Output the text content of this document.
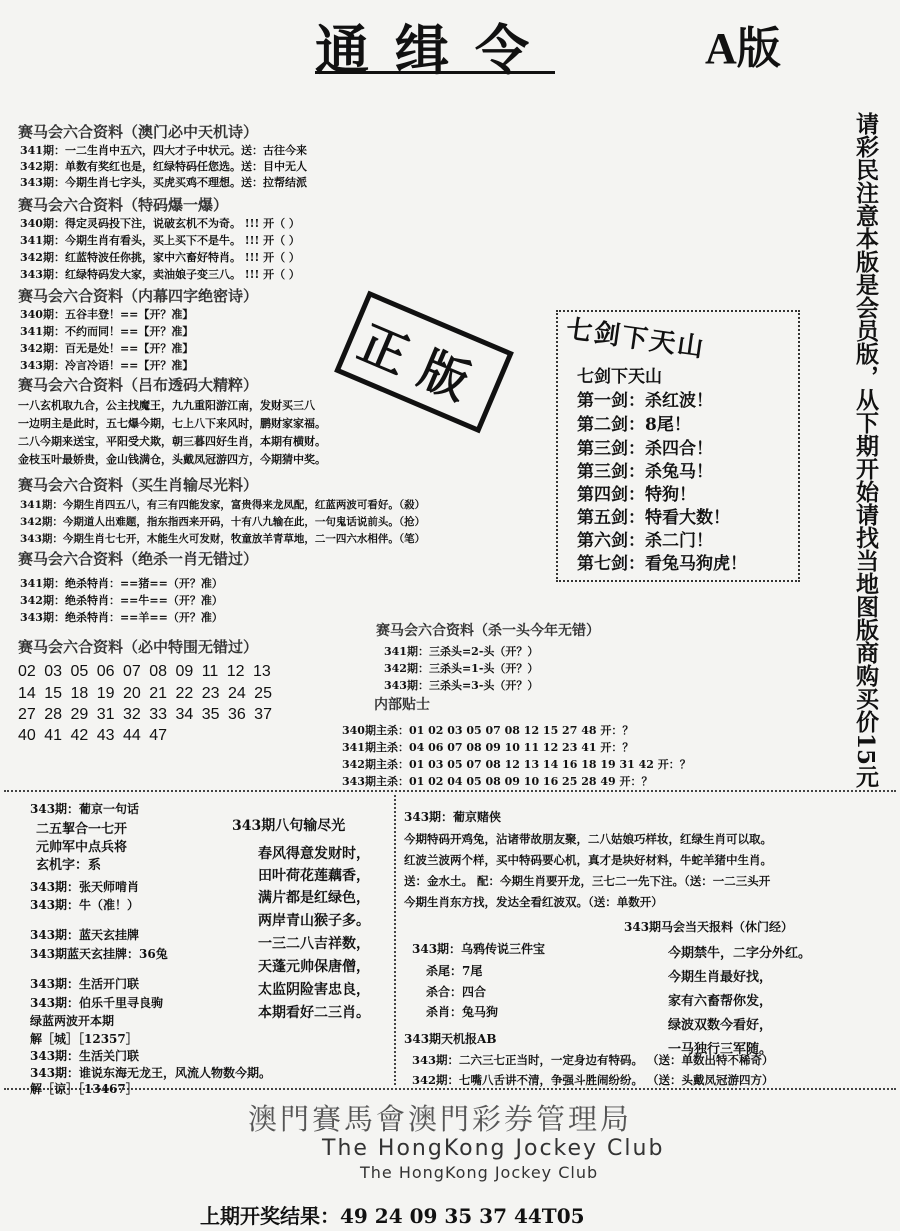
通缉令	A版
请彩民注意本版是会员版，从下期开始请找当地图版商购买价15元
赛马会六合资料（澳门必中天机诗）
341期：一二生肖中五六，四大才子中状元。送：古往今来
342期：单数有奖红也是，红绿特码任您选。送：目中无人
343期：今期生肖七字头，买虎买鸡不理想。送：拉帮结派
赛马会六合资料（特码爆一爆）
340期：得定灵码投下注，说破玄机不为奇。 !!! 开（ ）
341期：今期生肖有看头，买上买下不是牛。 !!! 开（ ）
342期：红蓝特波任你挑，家中六畜好特肖。 !!! 开（ ）
343期：红绿特码发大家，卖油娘子变三八。 !!! 开（ ）
赛马会六合资料（内幕四字绝密诗）
340期：五谷丰登！==【开？准】
341期：不约而同！==【开？准】
342期：百无是处！==【开？准】
343期：冷言冷语！==【开？准】	正版
赛马会六合资料（吕布透码大精粹）
一八玄机取九合，公主找魔王，九九重阳游江南，发财买三八
一边明主是此时，五七爆今期，七上八下来风时，鹏财家家福。
二八今期来送宝，平阳受犬欺，朝三暮四好生肖，本期有横财。
金枝玉叶最娇贵，金山钱满仓，头戴凤冠游四方，今期猜中奖。
赛马会六合资料（买生肖输尽光料）
341期：今期生肖四五八，有三有四能发家，富贵得来龙凤配，红蓝两波可看好。（殺）
342期：今期道人出难题，指东指西来开码，十有八九输在此，一句鬼话说前头。（抢）
343期：今期生肖七七开，木能生火可发财，牧童放羊青草地，二一四六水相伴。（笔）
赛马会六合资料（绝杀一肖无错过）
341期：绝杀特肖：==猪==（开？准）
342期：绝杀特肖：==牛==（开？准）
343期：绝杀特肖：==羊==（开？准）
赛马会六合资料（必中特围无错过）
02 03 05 06 07 08 09 11 12 13
14 15 18 19 20 21 22 23 24 25
27 28 29 31 32 33 34 35 36 37
40 41 42 43 44 47
七剑下天山
七剑下天山
第一剑：杀红波！
第二剑：8尾！
第三剑：杀四合！
第三剑：杀兔马！
第四剑：特狗！
第五剑：特看大数！
第六剑：杀二门！
第七剑：看兔马狗虎！
赛马会六合资料（杀一头今年无错）
341期：三杀头=2-头（开？）
342期：三杀头=1-头（开？）
343期：三杀头=3-头（开？）
内部贴士
340期主杀：01 02 03 05 07 08 12 15 27 48 开：？
341期主杀：04 06 07 08 09 10 11 12 23 41 开：？
342期主杀：01 03 05 07 08 12 13 14 16 18 19 31 42 开：？
343期主杀：01 02 04 05 08 09 10 16 25 28 49 开：？
343期：葡京一句话
二五挈合一七开
元帅军中点兵将
玄机字：系
343期：张天师啃肖
343期：牛（准！）
343期：蓝天玄挂牌
343期蓝天玄挂牌：36兔
343期：生活开门联
343期：伯乐千里寻良驹
绿蓝两波开本期
解［城］［12357］
343期：生活关门联
343期：谁说东海无龙王，风流人物数今期。
解［谅］［13467］
343期八句输尽光
春风得意发财时，
田叶荷花莲藕香，
满片都是红绿色，
两岸青山猴子多。
一三二八吉祥数，
天蓬元帅保唐僧，
太监阴险害忠良，
本期看好二三肖。
343期：葡京赌侠
今期特码开鸡兔，沾诸带故朋友聚，二八姑娘巧样妆，红绿生肖可以取。
红波兰波两个样，买中特码要心机，真才是块好材料，牛蛇羊猪中生肖。
送：金水土。 配：今期生肖要开龙，三七二一先下注。（送：一二三头开
今期生肖东方找，发达全看红波双。（送：单数开）
343期马会当天报料（休门经）
今期禁牛，二字分外红。
今期生肖最好找，
家有六畜帮你发，
绿波双数今看好，
一马独行三军随。
343期：乌鸦传说三件宝
杀尾：7尾
杀合：四合
杀肖：兔马狗
343期天机报AB
343期：二六三七正当时，一定身边有特码。 （送：单数出特不稀奇）
342期：七嘴八舌讲不清，争强斗胜闹纷纷。 （送：头戴凤冠游四方）
澳門賽馬會澳門彩券管理局
The HongKong Jockey Club
The HongKong Jockey Club
上期开奖结果：49 24 09 35 37 44T05
